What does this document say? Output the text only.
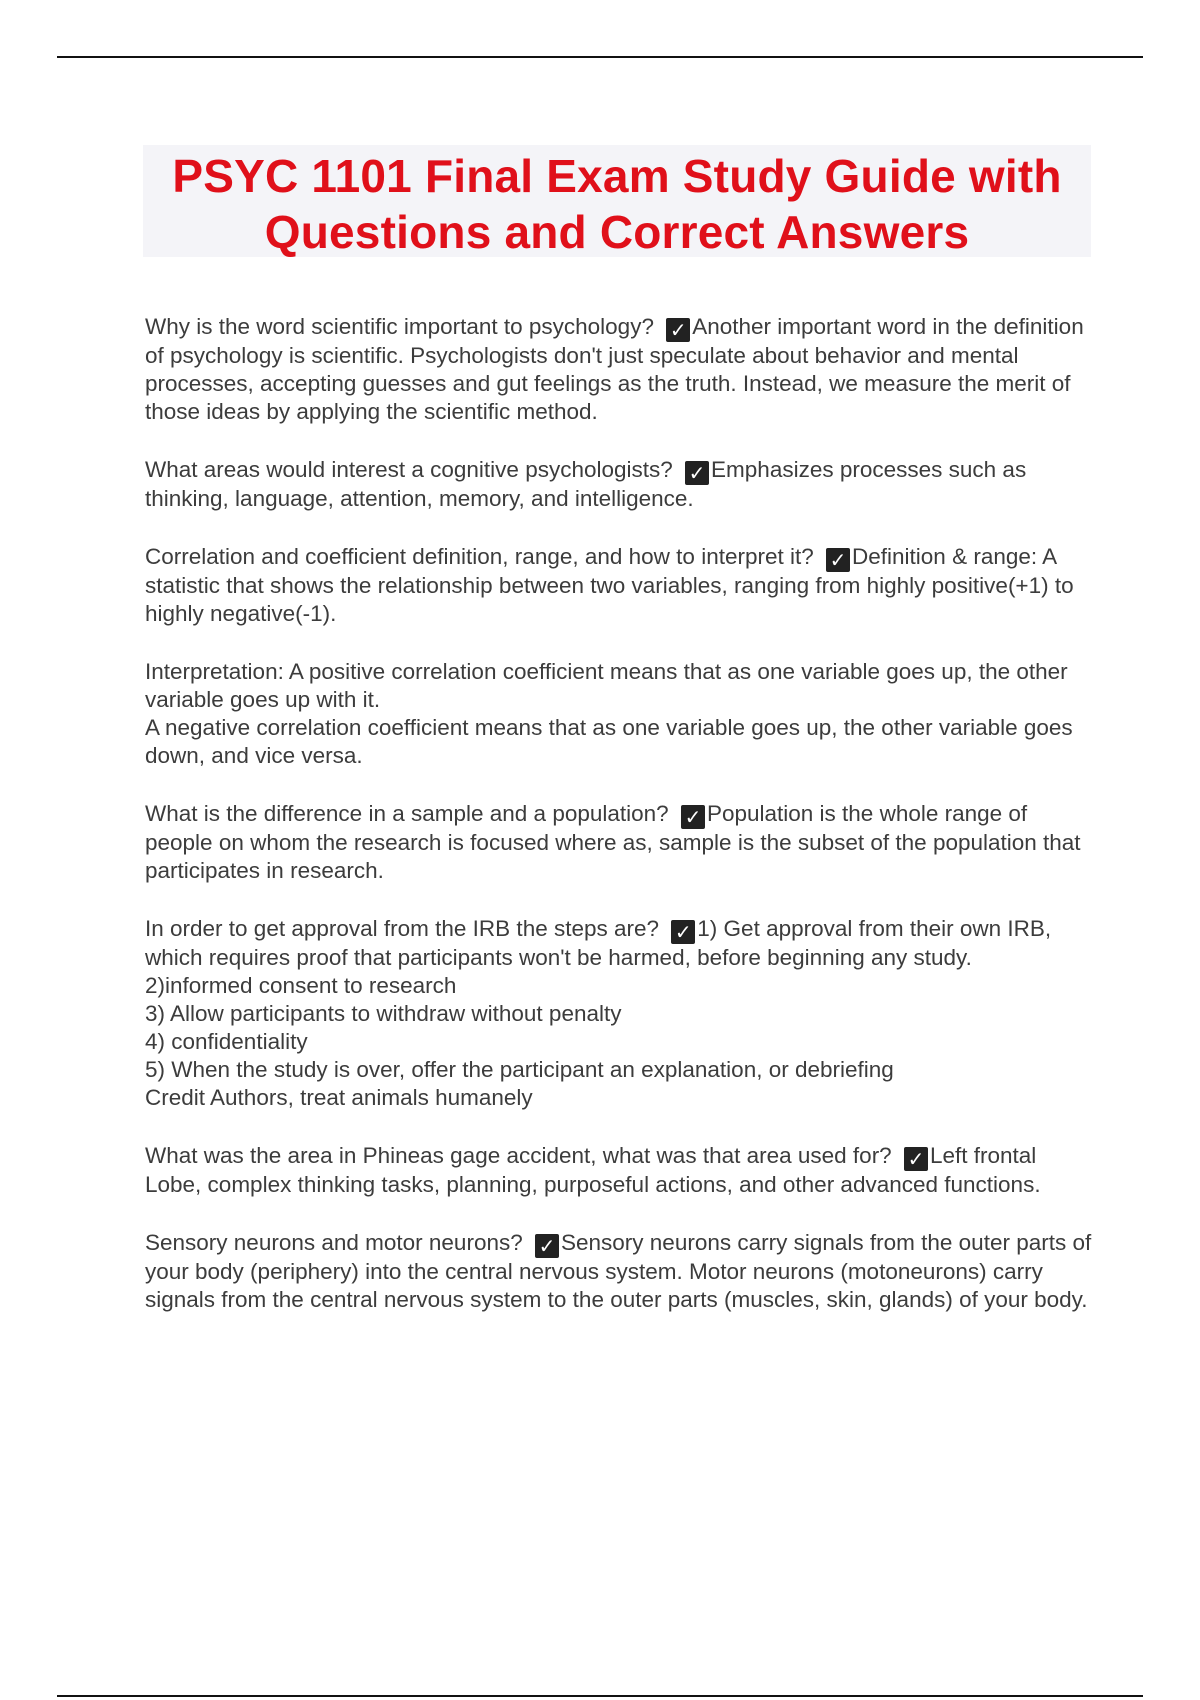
PSYC 1101 Final Exam Study Guide with
Questions and Correct Answers

Why is the word scientific important to psychology? ✓ Another important word in the definition of psychology is scientific. Psychologists don't just speculate about behavior and mental processes, accepting guesses and gut feelings as the truth. Instead, we measure the merit of those ideas by applying the scientific method.

What areas would interest a cognitive psychologists? ✓ Emphasizes processes such as thinking, language, attention, memory, and intelligence.

Correlation and coefficient definition, range, and how to interpret it? ✓ Definition & range: A statistic that shows the relationship between two variables, ranging from highly positive(+1) to highly negative(-1).

Interpretation: A positive correlation coefficient means that as one variable goes up, the other variable goes up with it.
A negative correlation coefficient means that as one variable goes up, the other variable goes down, and vice versa.

What is the difference in a sample and a population? ✓ Population is the whole range of people on whom the research is focused where as, sample is the subset of the population that participates in research.

In order to get approval from the IRB the steps are? ✓ 1) Get approval from their own IRB, which requires proof that participants won't be harmed, before beginning any study.
2)informed consent to research
3) Allow participants to withdraw without penalty
4) confidentiality
5) When the study is over, offer the participant an explanation, or debriefing
Credit Authors, treat animals humanely

What was the area in Phineas gage accident, what was that area used for? ✓ Left frontal Lobe, complex thinking tasks, planning, purposeful actions, and other advanced functions.

Sensory neurons and motor neurons? ✓ Sensory neurons carry signals from the outer parts of your body (periphery) into the central nervous system. Motor neurons (motoneurons) carry signals from the central nervous system to the outer parts (muscles, skin, glands) of your body.
